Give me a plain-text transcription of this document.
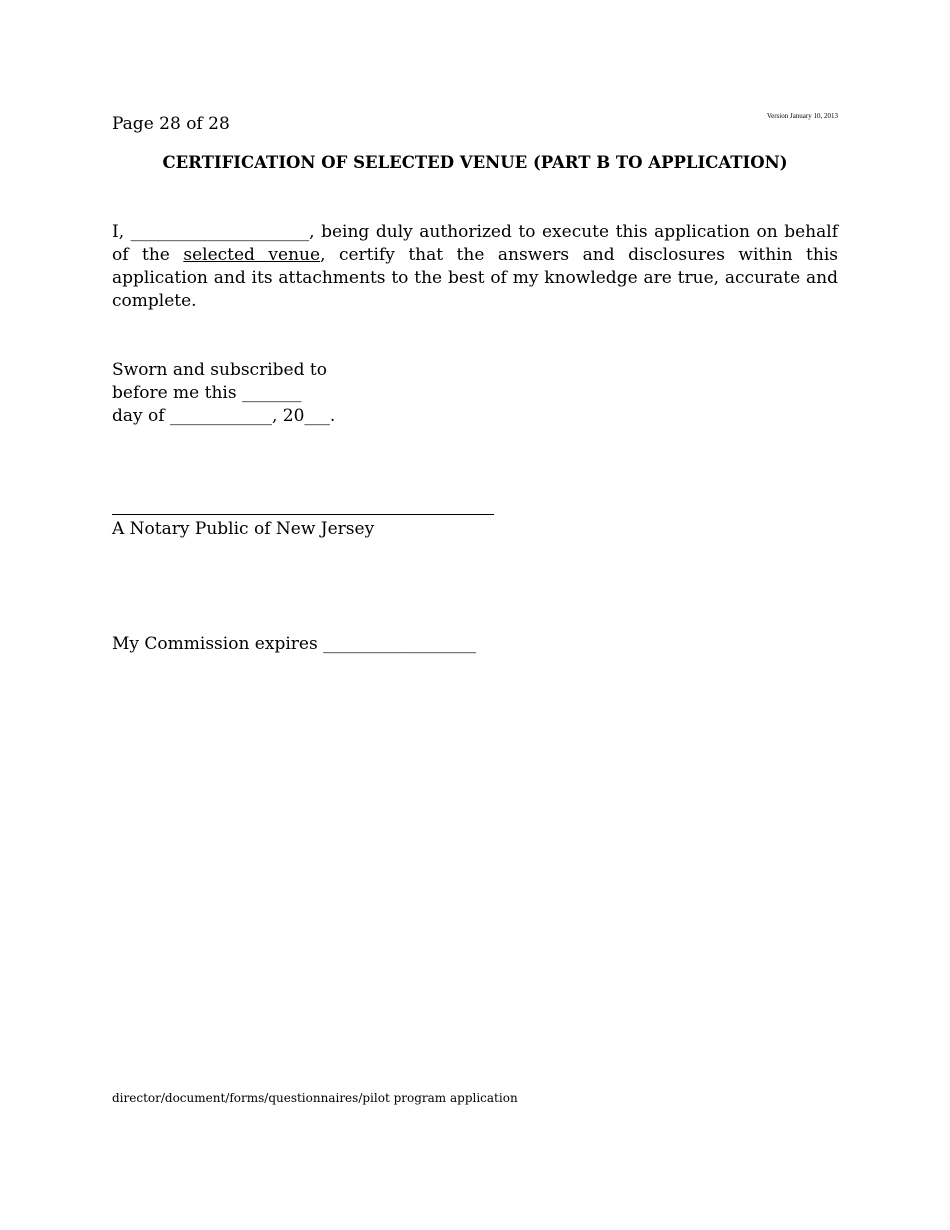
Version January 10, 2013
Page 28 of 28
CERTIFICATION OF SELECTED VENUE (PART B TO APPLICATION)
I, _____________________, being duly authorized to execute this application on behalf of the selected venue, certify that the answers and disclosures within this application and its attachments to the best of my knowledge are true, accurate and complete.
Sworn and subscribed to
before me this _______
day of ____________, 20___.
A Notary Public of New Jersey
My Commission expires __________________
director/document/forms/questionnaires/pilot program application
